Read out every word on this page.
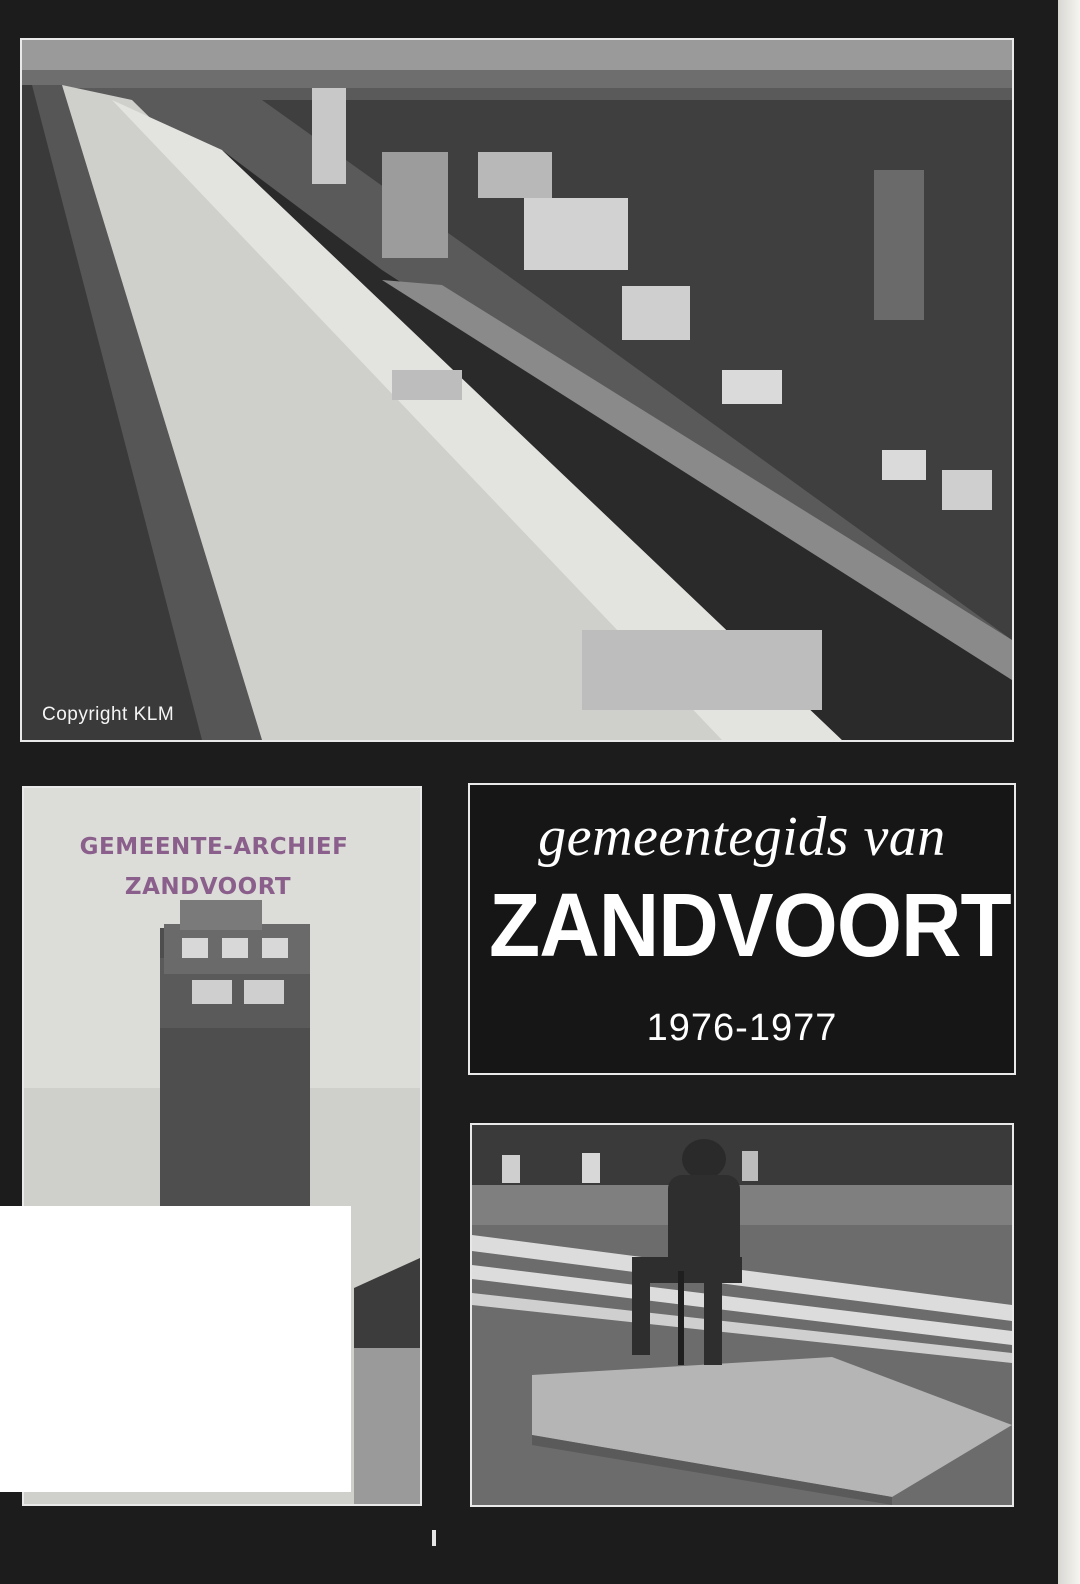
Copyright KLM
GEMEENTE-ARCHIEF
ZANDVOORT
gemeentegids van
ZANDVOORT
1976-1977
